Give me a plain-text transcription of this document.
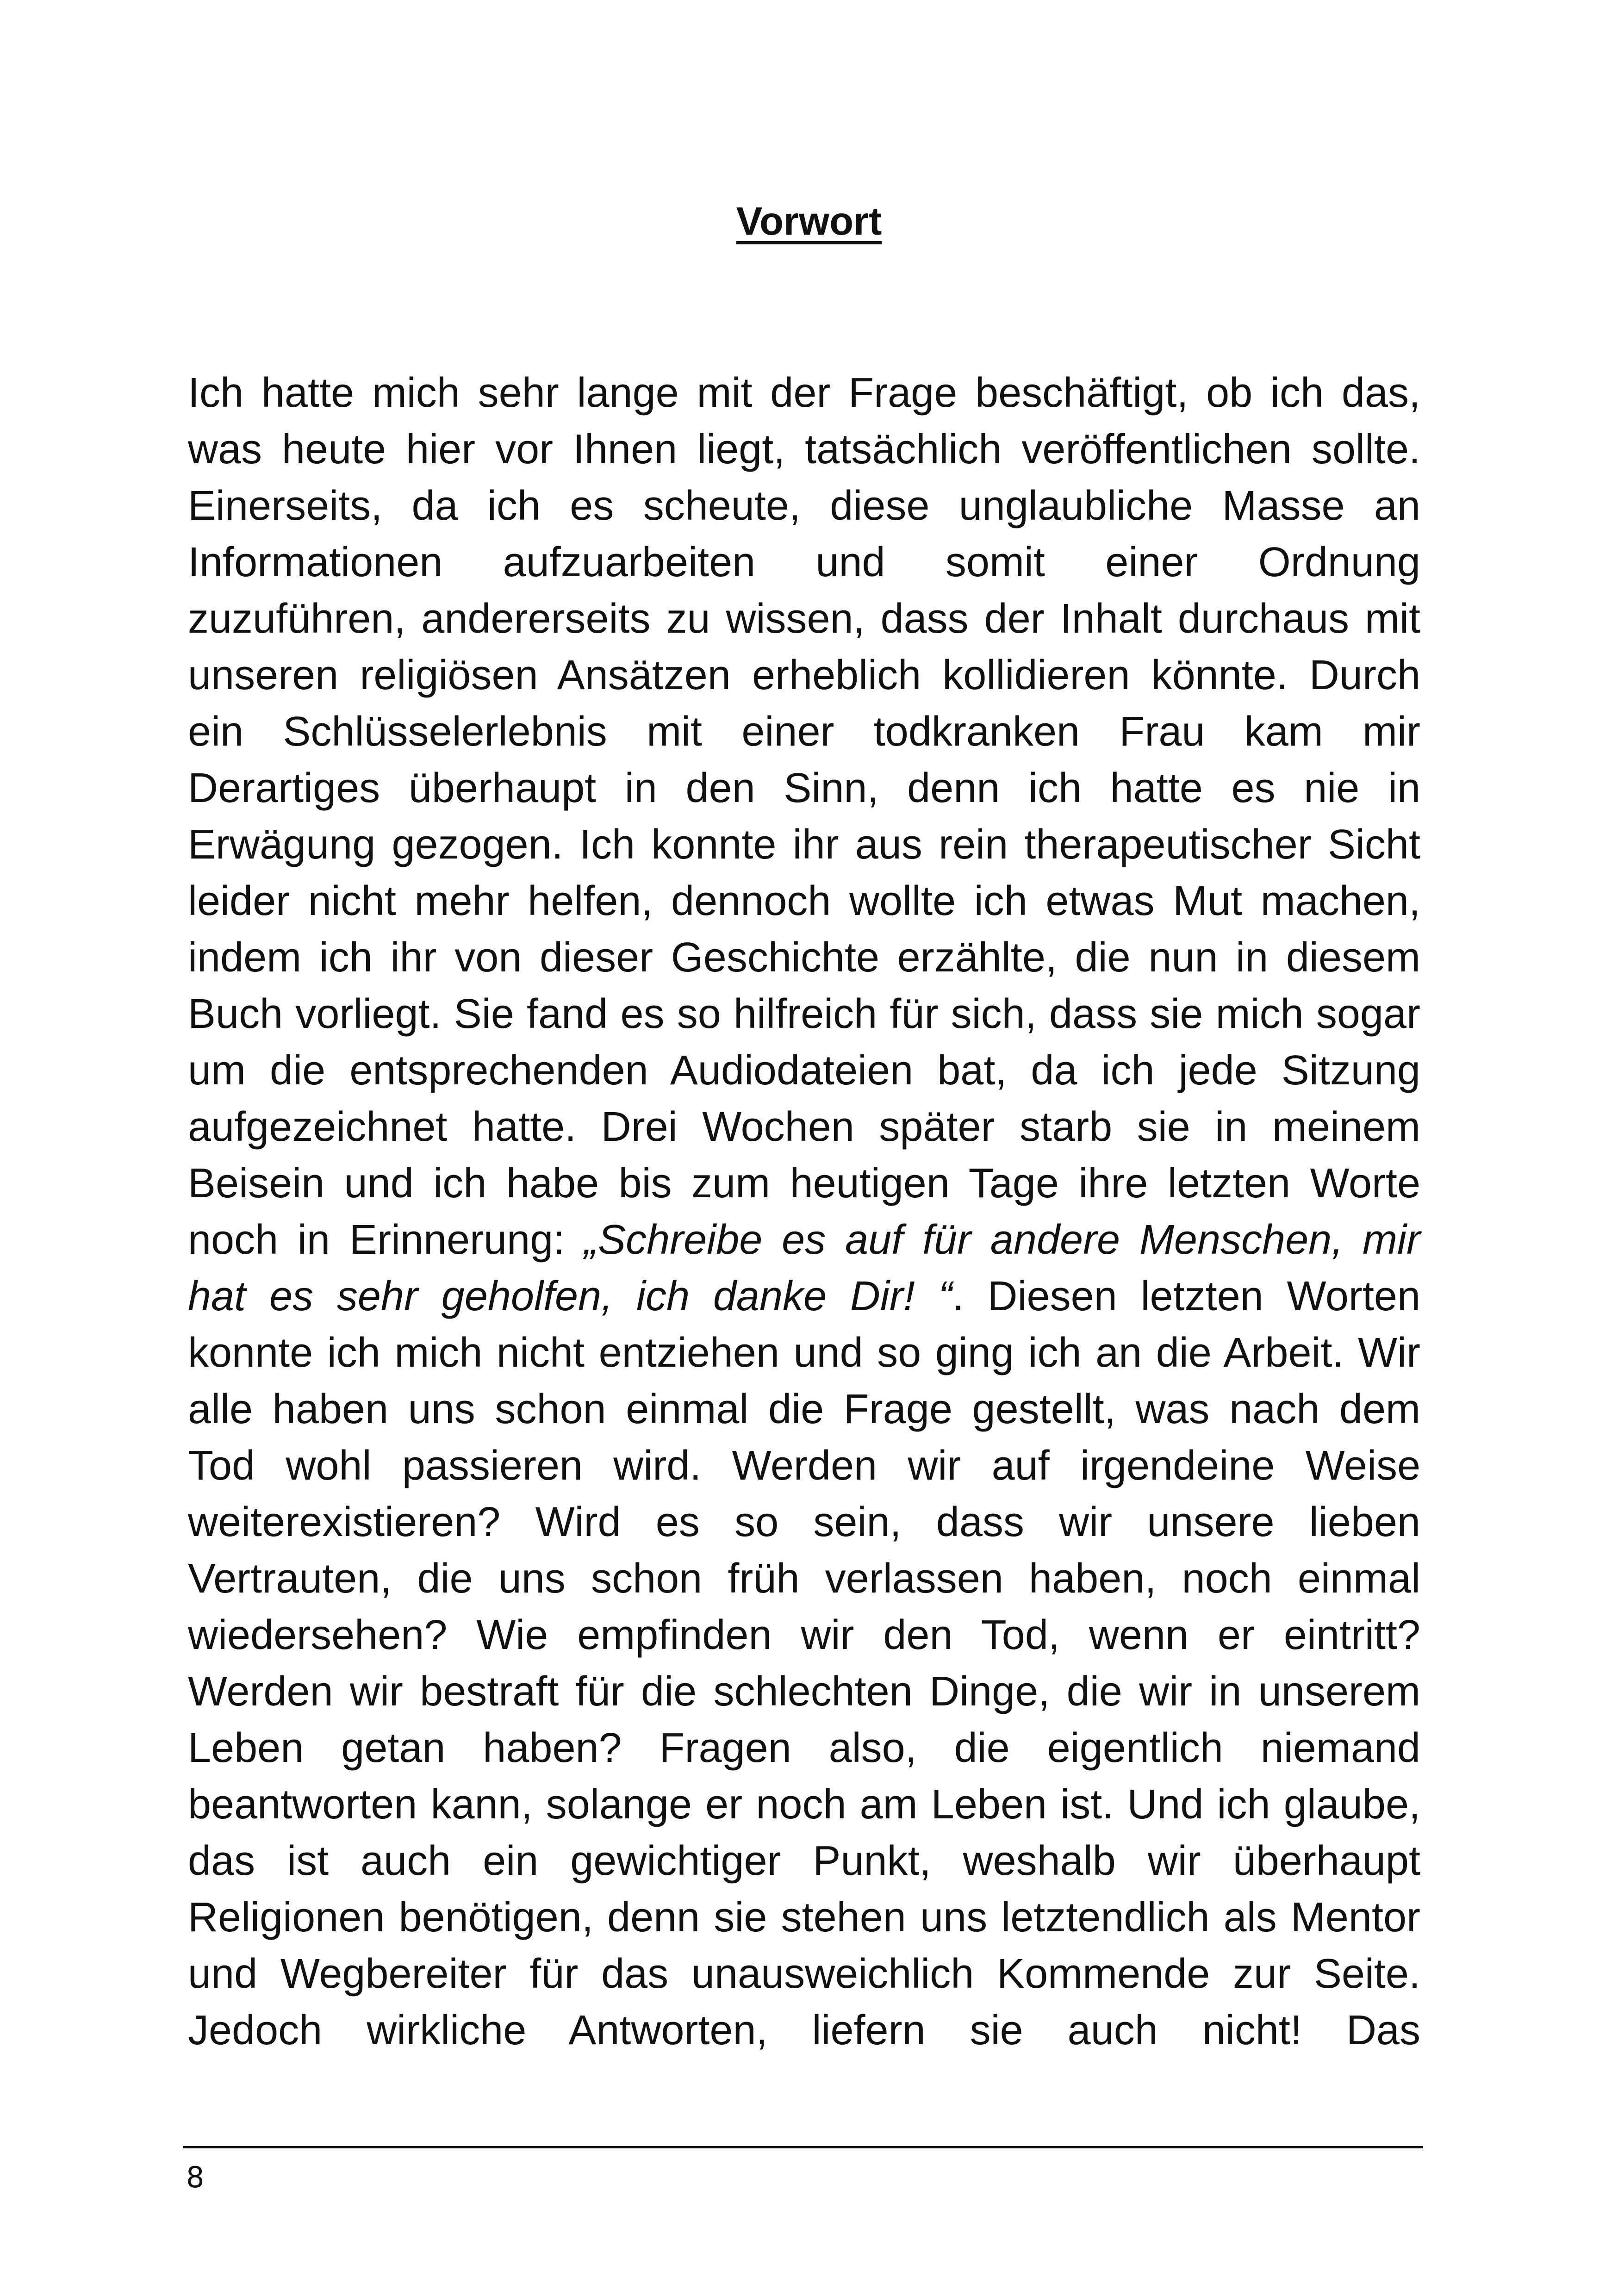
Vorwort
Ich hatte mich sehr lange mit der Frage beschäftigt, ob ich das,
was heute hier vor Ihnen liegt, tatsächlich veröffentlichen sollte.
Einerseits, da ich es scheute, diese unglaubliche Masse an
Informationen aufzuarbeiten und somit einer Ordnung
zuzuführen, andererseits zu wissen, dass der Inhalt durchaus mit
unseren religiösen Ansätzen erheblich kollidieren könnte. Durch
ein Schlüsselerlebnis mit einer todkranken Frau kam mir
Derartiges überhaupt in den Sinn, denn ich hatte es nie in
Erwägung gezogen. Ich konnte ihr aus rein therapeutischer Sicht
leider nicht mehr helfen, dennoch wollte ich etwas Mut machen,
indem ich ihr von dieser Geschichte erzählte, die nun in diesem
Buch vorliegt. Sie fand es so hilfreich für sich, dass sie mich sogar
um die entsprechenden Audiodateien bat, da ich jede Sitzung
aufgezeichnet hatte. Drei Wochen später starb sie in meinem
Beisein und ich habe bis zum heutigen Tage ihre letzten Worte
noch in Erinnerung: „Schreibe es auf für andere Menschen, mir
hat es sehr geholfen, ich danke Dir! “. Diesen letzten Worten
konnte ich mich nicht entziehen und so ging ich an die Arbeit. Wir
alle haben uns schon einmal die Frage gestellt, was nach dem
Tod wohl passieren wird. Werden wir auf irgendeine Weise
weiterexistieren? Wird es so sein, dass wir unsere lieben
Vertrauten, die uns schon früh verlassen haben, noch einmal
wiedersehen? Wie empfinden wir den Tod, wenn er eintritt?
Werden wir bestraft für die schlechten Dinge, die wir in unserem
Leben getan haben? Fragen also, die eigentlich niemand
beantworten kann, solange er noch am Leben ist. Und ich glaube,
das ist auch ein gewichtiger Punkt, weshalb wir überhaupt
Religionen benötigen, denn sie stehen uns letztendlich als Mentor
und Wegbereiter für das unausweichlich Kommende zur Seite.
Jedoch wirkliche Antworten, liefern sie auch nicht! Das

8
